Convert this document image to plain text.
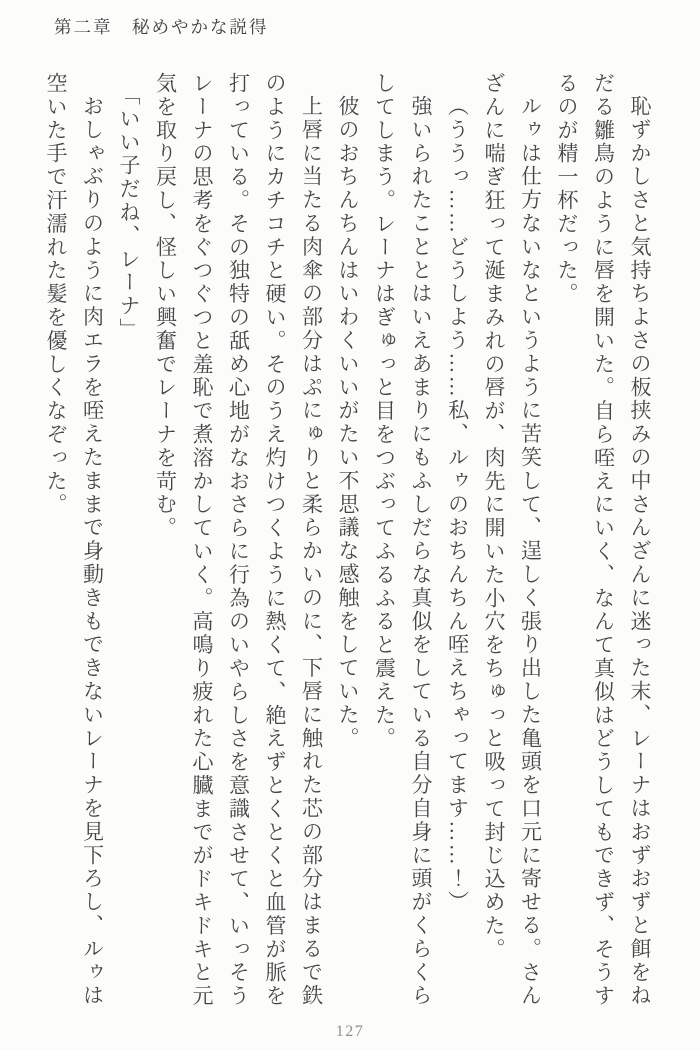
第二章　秘めやかな説得

恥ずかしさと気持ちよさの板挟みの中さんざんに迷った末、レーナはおずおずと餌をねだる雛鳥のように唇を開いた。自ら咥えにいく、なんて真似はどうしてもできず、そうするのが精一杯だった。

ルゥは仕方ないなというように苦笑して、逞しく張り出した亀頭を口元に寄せる。さんざんに喘ぎ狂って涎まみれの唇が、肉先に開いた小穴をちゅっと吸って封じ込めた。

（ううっ……どうしよう……私、ルゥのおちんちん咥えちゃってます……！）

強いられたこととはいえあまりにもふしだらな真似をしている自分自身に頭がくらくらしてしまう。レーナはぎゅっと目をつぶってふるふると震えた。

彼のおちんちんはいわくいいがたい不思議な感触をしていた。

上唇に当たる肉傘の部分はぷにゅりと柔らかいのに、下唇に触れた芯の部分はまるで鉄のようにカチコチと硬い。そのうえ灼けつくように熱くて、絶えずとくとくと血管が脈を打っている。その独特の舐め心地がなおさらに行為のいやらしさを意識させて、いっそうレーナの思考をぐつぐつと羞恥で煮溶かしていく。高鳴り疲れた心臓までがドキドキと元気を取り戻し、怪しい興奮でレーナを苛む。

「いい子だね、レーナ」

おしゃぶりのように肉エラを咥えたままで身動きもできないレーナを見下ろし、ルゥは空いた手で汗濡れた髪を優しくなぞった。

127
